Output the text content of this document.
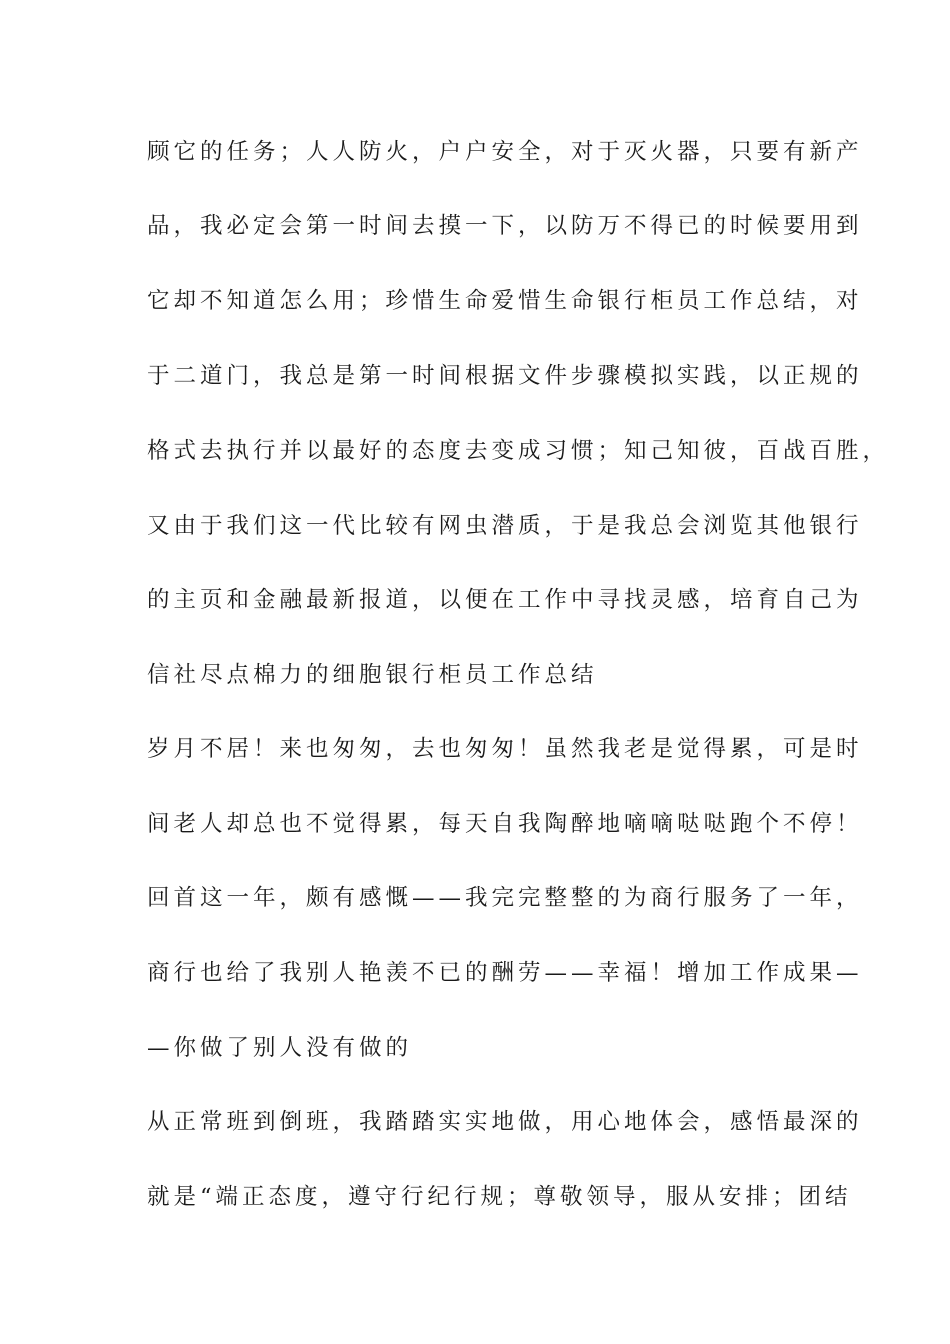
顾它的任务；人人防火，户户安全，对于灭火器，只要有新产
品，我必定会第一时间去摸一下，以防万不得已的时候要用到
它却不知道怎么用；珍惜生命爱惜生命银行柜员工作总结，对
于二道门，我总是第一时间根据文件步骤模拟实践，以正规的
格式去执行并以最好的态度去变成习惯；知己知彼，百战百胜，
又由于我们这一代比较有网虫潜质，于是我总会浏览其他银行
的主页和金融最新报道，以便在工作中寻找灵感，培育自己为
信社尽点棉力的细胞银行柜员工作总结
岁月不居！来也匆匆，去也匆匆！虽然我老是觉得累，可是时
间老人却总也不觉得累，每天自我陶醉地嘀嘀哒哒跑个不停！
回首这一年，颇有感慨——我完完整整的为商行服务了一年，
商行也给了我别人艳羡不已的酬劳——幸福！增加工作成果—
—你做了别人没有做的
从正常班到倒班，我踏踏实实地做，用心地体会，感悟最深的
就是“端正态度，遵守行纪行规；尊敬领导，服从安排；团结
